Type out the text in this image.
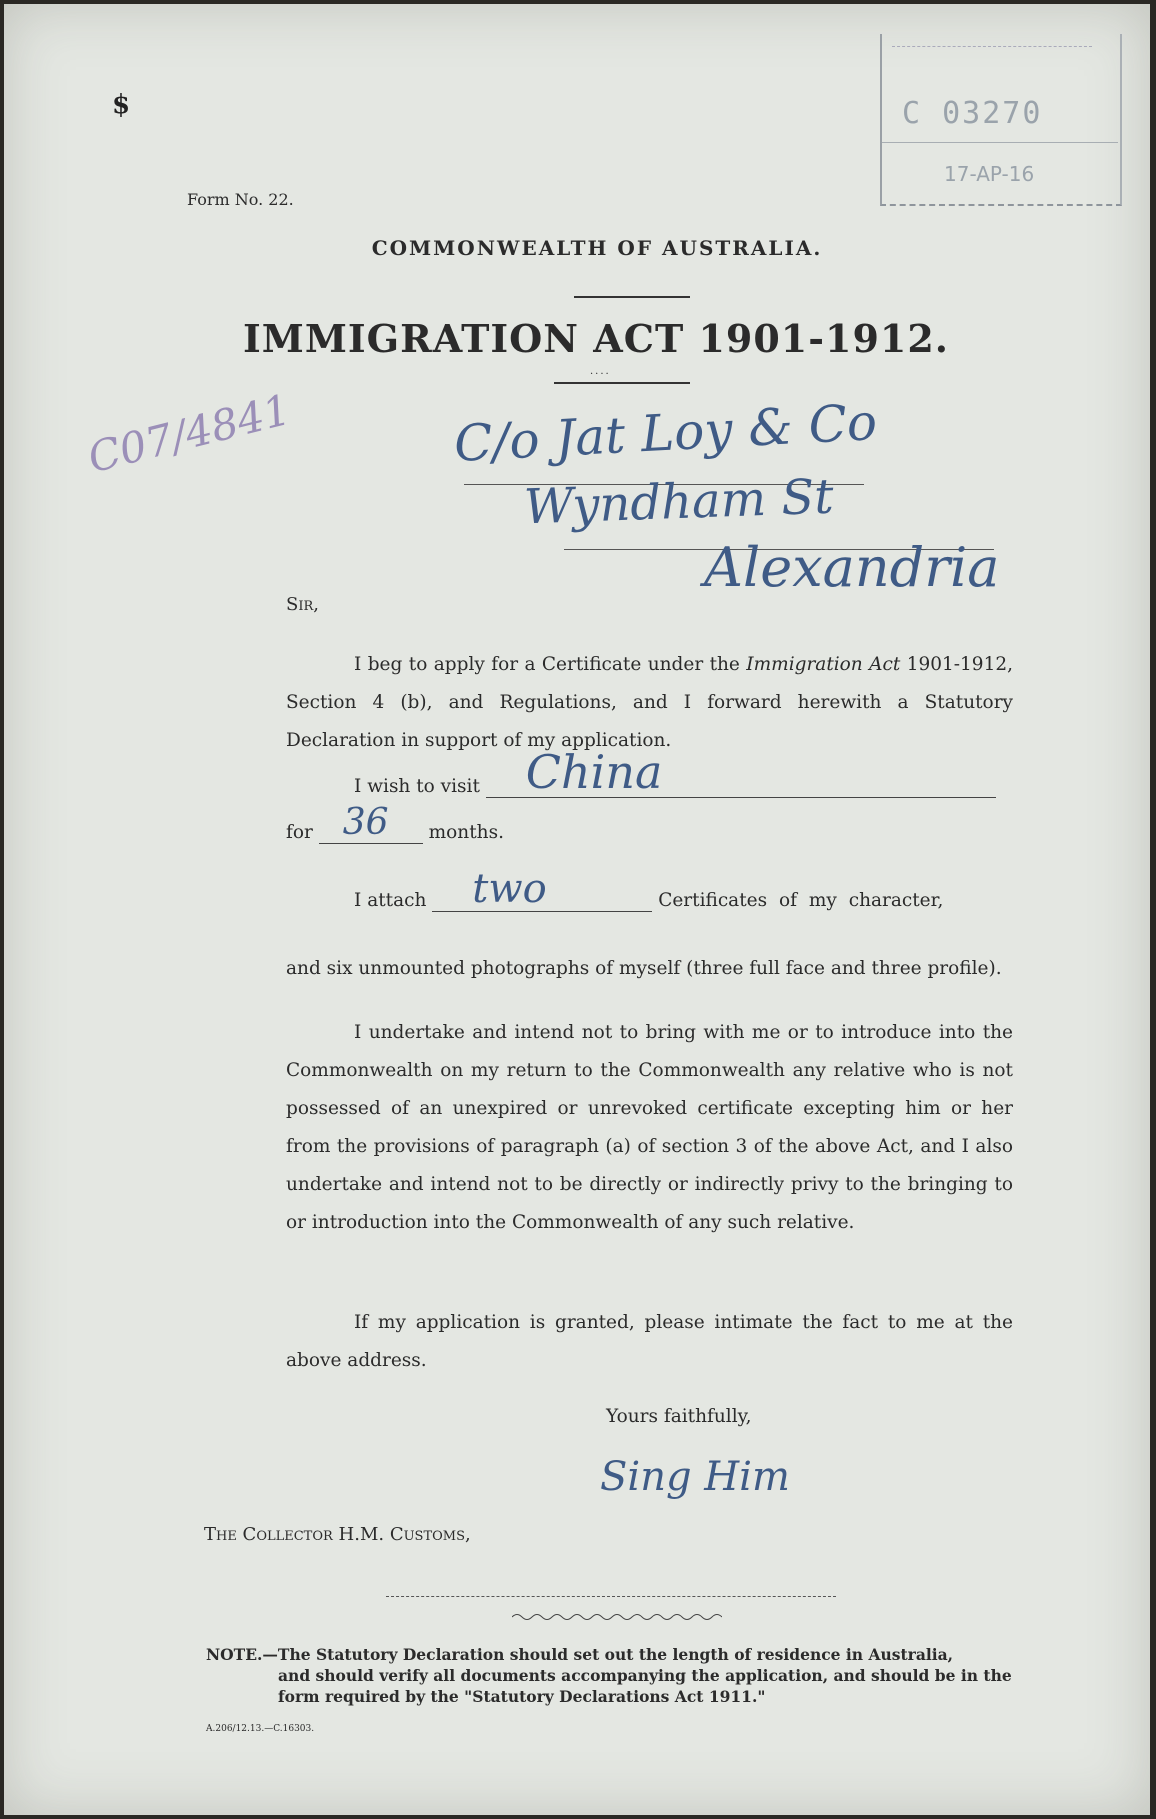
$
Form No. 22.
C 03270
17-AP-16
COMMONWEALTH OF AUSTRALIA.
IMMIGRATION ACT 1901-1912.
....
C07/4841	C/o Jat Loy & Co
Wyndham St
Alexandria
Sir,
I beg to apply for a Certificate under the Immigration Act 1901-1912, Section 4 (b), and Regulations, and I forward herewith a Statutory Declaration in support of my application.
I wish to visit China

for 36 months.
I attach two	Certificates of my character,
and six unmounted photographs of myself (three full face and three profile).
I undertake and intend not to bring with me or to introduce into the Commonwealth on my return to the Commonwealth any relative who is not possessed of an unexpired or unrevoked certificate excepting him or her from the provisions of paragraph (a) of section 3 of the above Act, and I also undertake and intend not to be directly or indirectly privy to the bringing to or introduction into the Commonwealth of any such relative.
If my application is granted, please intimate the fact to me at the above address.
Yours faithfully,
Sing Him
The Collector H.M. Customs,
NOTE.—The Statutory Declaration should set out the length of residence in Australia,
and should verify all documents accompanying the application, and should be in the form required by the "Statutory Declarations Act 1911."
A.206/12.13.—C.16303.
